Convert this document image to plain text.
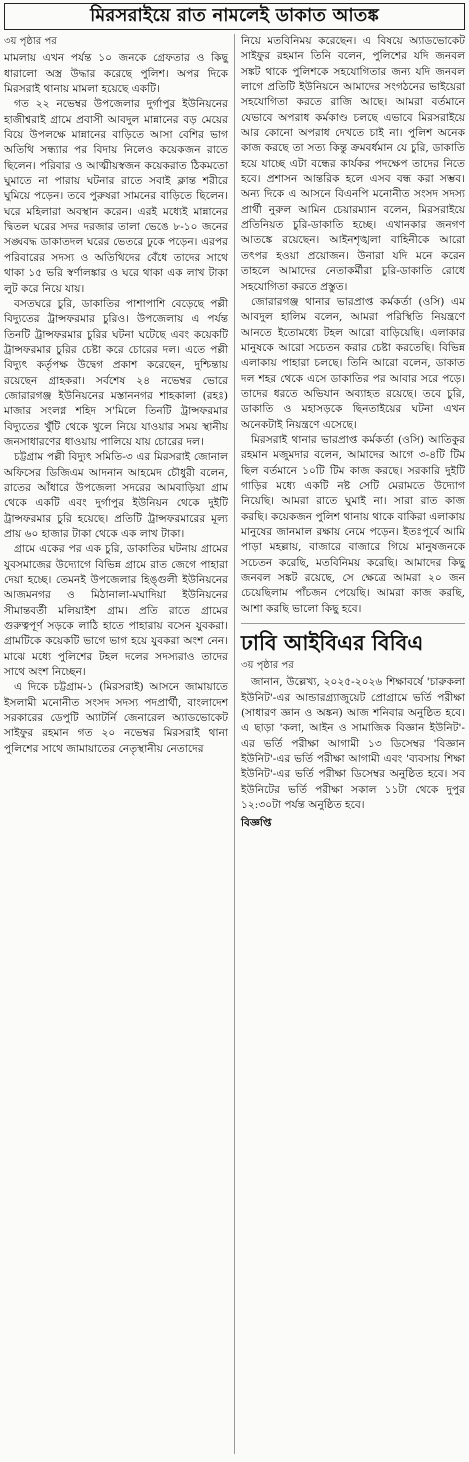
মিরসরাইয়ে রাত নামলেই ডাকাত আতঙ্ক
৩য় পৃষ্ঠার পর

মামলায় এখন পর্যন্ত ১০ জনকে গ্রেফতার ও কিছু ধারালো অস্ত্র উদ্ধার করেছে পুলিশ। অপর দিকে মিরসরাই থানায় মামলা হয়েছে একটি।

গত ২২ নভেম্বর উপজেলার দুর্গাপুর ইউনিয়নের হাজীশ্বরাই গ্রামে প্রবাসী আবদুল মান্নানের বড় মেয়ের বিয়ে উপলক্ষে মান্নানের বাড়িতে আসা বেশির ভাগ অতিথি সন্ধ্যার পর বিদায় নিলেও কয়েকজন রাতে ছিলেন। পরিবার ও আত্মীয়স্বজন কয়েকরাত ঠিকমতো ঘুমাতে না পারায় ঘটনার রাতে সবাই ক্লান্ত শরীরে ঘুমিয়ে পড়েন। তবে পুরুষরা সামনের বাড়িতে ছিলেন। ঘরে মহিলারা অবস্থান করেন। এরই মধ্যেই মান্নানের দ্বিতল ঘরের সদর দরজার তালা ভেঙে ৮-১০ জনের সঙ্ঘবদ্ধ ডাকাতদল ঘরের ভেতরে ঢুকে পড়েন। এরপর পরিবারের সদস্য ও অতিথিদের বেঁধে তাদের সাথে থাকা ১৫ ভরি স্বর্ণালঙ্কার ও ঘরে থাকা এক লাখ টাকা লুট করে নিয়ে যায়।

বসতঘরে চুরি, ডাকাতির পাশাপাশি বেড়েছে পল্লী বিদ্যুতের ট্রান্সফরমার চুরিও। উপজেলায় এ পর্যন্ত তিনটি ট্রান্সফরমার চুরির ঘটনা ঘটেছে এবং কয়েকটি ট্রান্সফরমার চুরির চেষ্টা করে চোরের দল। এতে পল্লী বিদ্যুৎ কর্তৃপক্ষ উদ্বেগ প্রকাশ করেছেন, দুশ্চিন্তায় রয়েছেন গ্রাহকরা। সর্বশেষ ২৪ নভেম্বর ভোরে জোরারগঞ্জ ইউনিয়নের মস্তাননগর শাহকালা (রহঃ) মাজার সংলগ্ন শহিদ স'মিলে তিনটি ট্রান্সফরমার বিদ্যুতের খুঁটি থেকে খুলে নিয়ে যাওয়ার সময় স্থানীয় জনসাধারণের ধাওয়ায় পালিয়ে যায় চোরের দল।

চট্টগ্রাম পল্লী বিদ্যুৎ সমিতি-৩ এর মিরসরাই জোনাল অফিসের ডিজিএম আদনান আহমেদ চৌধুরী বলেন, রাতের আঁধারে উপজেলা সদরের আমবাড়িয়া গ্রাম থেকে একটি এবং দুর্গাপুর ইউনিয়ন থেকে দুইটি ট্রান্সফরমার চুরি হয়েছে। প্রতিটি ট্রান্সফরমারের মূল্য প্রায় ৬০ হাজার টাকা থেকে এক লাখ টাকা।

গ্রামে একের পর এক চুরি, ডাকাতির ঘটনায় গ্রামের যুবসমাজের উদ্যোগে বিভিন্ন গ্রামে রাত জেগে পাহারা দেয়া হচ্ছে। তেমনই উপজেলার হিঙ্গুলী ইউনিয়নের আজমনগর ও মিঠানালা-মঘাদিয়া ইউনিয়নের সীমান্তবর্তী মলিয়াইশ গ্রাম। প্রতি রাতে গ্রামের গুরুত্বপূর্ণ সড়কে লাঠি হাতে পাহারায় বসেন যুবকরা। গ্রামটিকে কয়েকটি ভাগে ভাগ হয়ে যুবকরা অংশ নেন। মাঝে মধ্যে পুলিশের টহল দলের সদস্যরাও তাদের সাথে অংশ নিচ্ছেন।

এ দিকে চট্টগ্রাম-১ (মিরসরাই) আসনে জামায়াতে ইসলামী মনোনীত সংসদ সদস্য পদপ্রার্থী, বাংলাদেশ সরকারের ডেপুটি অ্যাটর্নি জেনারেল অ্যাডভোকেট সাইফুর রহমান গত ২০ নভেম্বর মিরসরাই থানা পুলিশের সাথে জামায়াতের নেতৃস্থানীয় নেতাদের

নিয়ে মতবিনিময় করেছেন। এ বিষয়ে অ্যাডভোকেট সাইফুর রহমান তিনি বলেন, পুলিশের যদি জনবল সঙ্কট থাকে পুলিশকে সহযোগিতার জন্য যদি জনবল লাগে প্রতিটি ইউনিয়নে আমাদের সংগঠনের ভাইয়েরা সহযোগিতা করতে রাজি আছে। আমরা বর্তমানে যেভাবে অপরাধ কর্মকাণ্ড চলছে এভাবে মিরসরাইয়ে আর কোনো অপরাধ দেখতে চাই না। পুলিশ অনেক কাজ করছে তা সত্য কিন্তু ক্রমবর্ধমান যে চুরি, ডাকাতি হয়ে যাচ্ছে এটা বন্ধের কার্যকর পদক্ষেপ তাদের নিতে হবে। প্রশাসন আন্তরিক হলে এসব বন্ধ করা সম্ভব। অন্য দিকে এ আসনে বিএনপি মনোনীত সংসদ সদস্য প্রার্থী নুরুল আমিন চেয়ারম্যান বলেন, মিরসরাইয়ে প্রতিনিয়ত চুরি-ডাকাতি হচ্ছে। এখানকার জনগণ আতঙ্কে রয়েছেন। আইনশৃঙ্খলা বাহিনীকে আরো তৎপর হওয়া প্রয়োজন। উনারা যদি মনে করেন তাহলে আমাদের নেতাকর্মীরা চুরি-ডাকাতি রোধে সহযোগিতা করতে প্রস্তুত।

জোরারগঞ্জ থানার ভারপ্রাপ্ত কর্মকর্তা (ওসি) এম আবদুল হালিম বলেন, আমরা পরিস্থিতি নিয়ন্ত্রণে আনতে ইতোমধ্যে টহল আরো বাড়িয়েছি। এলাকার মানুষকে আরো সচেতন করার চেষ্টা করতেছি। বিভিন্ন এলাকায় পাহারা চলছে। তিনি আরো বলেন, ডাকাত দল শহর থেকে এসে ডাকাতির পর আবার সরে পড়ে। তাদের ধরতে অভিযান অব্যাহত রয়েছে। তবে চুরি, ডাকাতি ও মহাসড়কে ছিনতাইয়ের ঘটনা এখন অনেকটাই নিয়ন্ত্রণে এসেছে।

মিরসরাই থানার ভারপ্রাপ্ত কর্মকর্তা (ওসি) আতিকুর রহমান মজুমদার বলেন, আমাদের আগে ৩-৪টি টিম ছিল বর্তমানে ১০টি টিম কাজ করছে। সরকারি দুইটি গাড়ির মধ্যে একটি নষ্ট সেটি মেরামতে উদ্যোগ নিয়েছি। আমরা রাতে ঘুমাই না। সারা রাত কাজ করছি। কয়েকজন পুলিশ থানায় থাকে বাকিরা এলাকায় মানুষের জানমাল রক্ষায় নেমে পড়েন। ইতঃপূর্বে আমি পাড়া মহল্লায়, বাজারে বাজারে গিয়ে মানুষজনকে সচেতন করেছি, মতবিনিময় করেছি। আমাদের কিছু জনবল সঙ্কট রয়েছে, সে ক্ষেত্রে আমরা ২০ জন চেয়েছিলাম পাঁচজন পেয়েছি। আমরা কাজ করছি, আশা করছি ভালো কিছু হবে।

ঢাবি আইবিএর বিবিএ
৩য় পৃষ্ঠার পর

জানান, উল্লেখ্য, ২০২৫-২০২৬ শিক্ষাবর্ষে 'চারুকলা ইউনিট'-এর আন্ডারগ্র্যাজুয়েট প্রোগ্রামে ভর্তি পরীক্ষা (সাধারণ জ্ঞান ও অঙ্কন) আজ শনিবার অনুষ্ঠিত হবে। এ ছাড়া 'কলা, আইন ও সামাজিক বিজ্ঞান ইউনিট'-এর ভর্তি পরীক্ষা আগামী ১৩ ডিসেম্বর 'বিজ্ঞান ইউনিট'-এর ভর্তি পরীক্ষা আগামী এবং 'ব্যবসায় শিক্ষা ইউনিট'-এর ভর্তি পরীক্ষা ডিসেম্বর অনুষ্ঠিত হবে। সব ইউনিটের ভর্তি পরীক্ষা সকাল ১১টা থেকে দুপুর ১২:৩০টা পর্যন্ত অনুষ্ঠিত হবে।

বিজ্ঞপ্তি
